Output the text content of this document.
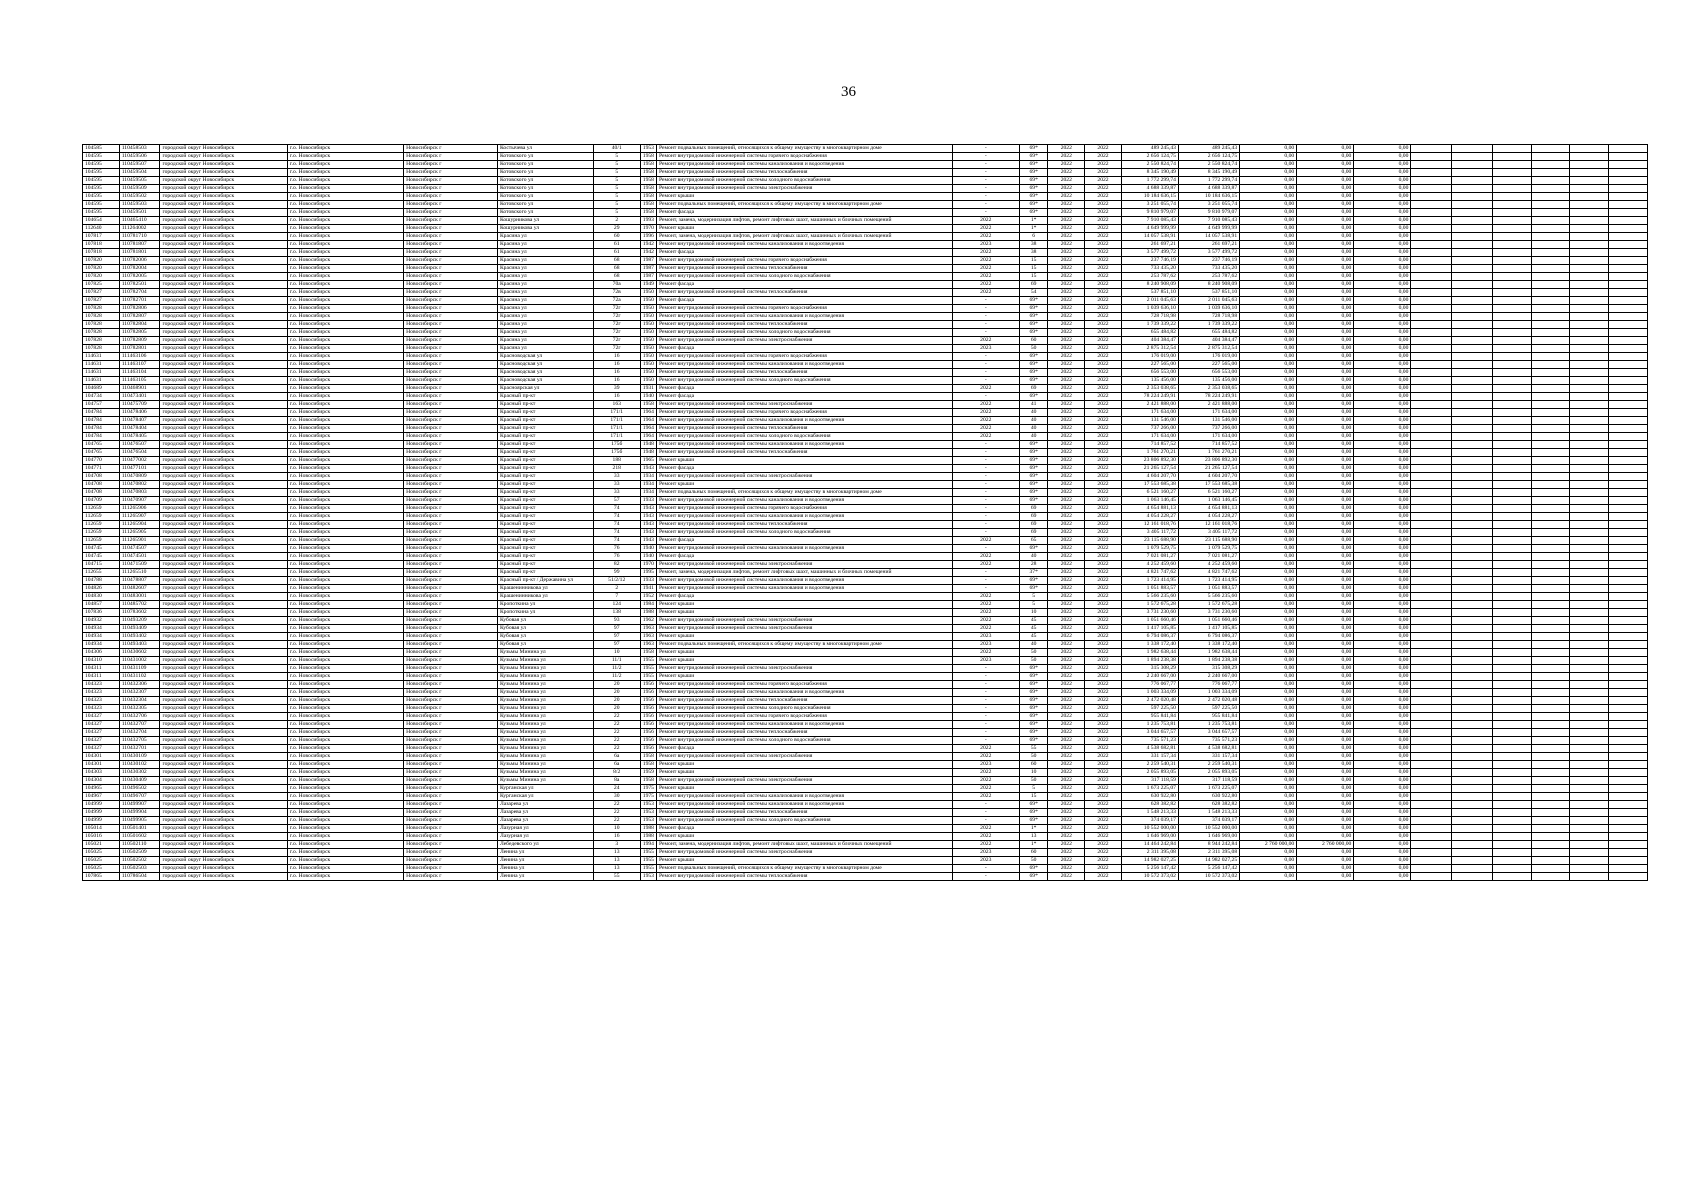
36
104585	110458503	городской округ Новосибирск	г.о. Новосибирск	Новосибирск г	Костычева ул	40/1	1953	Ремонт подвальных помещений, относящихся к общему имуществу в многоквартирном доме	-	69*	2022	2022	489 245,43	489 245,43	0,00	0,00	0,00						
104595	110459506	городской округ Новосибирск	г.о. Новосибирск	Новосибирск г	Котовского ул	5	1958	Ремонт внутридомовой инженерной системы горячего водоснабжения	-	69*	2022	2022	2 656 124,75	2 656 124,75	0,00	0,00	0,00						
104595	110459507	городской округ Новосибирск	г.о. Новосибирск	Новосибирск г	Котовского ул	5	1958	Ремонт внутридомовой инженерной системы канализования и водоотведения	-	69*	2022	2022	2 550 824,74	2 550 824,74	0,00	0,00	0,00						
104595	110459504	городской округ Новосибирск	г.о. Новосибирск	Новосибирск г	Котовского ул	5	1958	Ремонт внутридомовой инженерной системы теплоснабжения	-	69*	2022	2022	8 345 190,49	8 345 190,49	0,00	0,00	0,00						
104595	110459505	городской округ Новосибирск	г.о. Новосибирск	Новосибирск г	Котовского ул	5	1958	Ремонт внутридомовой инженерной системы холодного водоснабжения	-	69*	2022	2022	1 772 299,74	1 772 299,74	0,00	0,00	0,00						
104595	110459509	городской округ Новосибирск	г.о. Новосибирск	Новосибирск г	Котовского ул	5	1958	Ремонт внутридомовой инженерной системы электроснабжения	-	69*	2022	2022	4 688 339,87	4 688 339,87	0,00	0,00	0,00						
104595	110459502	городской округ Новосибирск	г.о. Новосибирск	Новосибирск г	Котовского ул	5	1958	Ремонт крыши	-	69*	2022	2022	10 184 636,15	10 184 636,15	0,00	0,00	0,00						
104595	110459503	городской округ Новосибирск	г.о. Новосибирск	Новосибирск г	Котовского ул	5	1958	Ремонт подвальных помещений, относящихся к общему имуществу в многоквартирном доме	-	69*	2022	2022	3 251 055,74	3 251 055,74	0,00	0,00	0,00						
104595	110459501	городской округ Новосибирск	г.о. Новосибирск	Новосибирск г	Котовского ул	5	1958	Ремонт фасада	-	69*	2022	2022	9 810 979,07	9 810 979,07	0,00	0,00	0,00						
104654	110465410	городской округ Новосибирск	г.о. Новосибирск	Новосибирск г	Кошурникова ул	2	1993	Ремонт, замена, модернизация лифтов, ремонт лифтовых шахт, машинных и блочных помещений	2022	1*	2022	2022	7 910 085,43	7 910 085,43	0,00	0,00	0,00						
112640	111264002	городской округ Новосибирск	г.о. Новосибирск	Новосибирск г	Кошурникова ул	29	1970	Ремонт крыши	2022	1*	2022	2022	4 649 999,99	4 649 999,99	0,00	0,00	0,00						
107817	110781710	городской округ Новосибирск	г.о. Новосибирск	Новосибирск г	Красина ул	60	1996	Ремонт, замена, модернизация лифтов, ремонт лифтовых шахт, машинных и блочных помещений	2022	6	2022	2022	14 057 538,91	14 057 538,91	0,00	0,00	0,00						
107818	110781807	городской округ Новосибирск	г.о. Новосибирск	Новосибирск г	Красина ул	61	1942	Ремонт внутридомовой инженерной системы канализования и водоотведения	2023	38	2022	2022	261 697,21	261 697,21	0,00	0,00	0,00						
107818	110781801	городской округ Новосибирск	г.о. Новосибирск	Новосибирск г	Красина ул	61	1942	Ремонт фасада	2022	38	2022	2022	3 577 499,72	3 577 499,72	0,00	0,00	0,00						
107820	110782006	городской округ Новосибирск	г.о. Новосибирск	Новосибирск г	Красина ул	68	1987	Ремонт внутридомовой инженерной системы горячего водоснабжения	2022	15	2022	2022	237 746,19	237 746,19	0,00	0,00	0,00						
107820	110782004	городской округ Новосибирск	г.о. Новосибирск	Новосибирск г	Красина ул	68	1987	Ремонт внутридомовой инженерной системы теплоснабжения	2022	15	2022	2022	733 435,20	733 435,20	0,00	0,00	0,00						
107820	110782005	городской округ Новосибирск	г.о. Новосибирск	Новосибирск г	Красина ул	68	1987	Ремонт внутридомовой инженерной системы холодного водоснабжения	2022	15	2022	2022	253 787,62	253 787,62	0,00	0,00	0,00						
107825	110782501	городской округ Новосибирск	г.о. Новосибирск	Новосибирск г	Красина ул	70а	1949	Ремонт фасада	2022	69	2022	2022	8 240 908,09	8 240 908,09	0,00	0,00	0,00						
107827	110782704	городской округ Новосибирск	г.о. Новосибирск	Новосибирск г	Красина ул	72в	1950	Ремонт внутридомовой инженерной системы теплоснабжения	2022	54	2022	2022	537 851,10	537 851,10	0,00	0,00	0,00						
107827	110782701	городской округ Новосибирск	г.о. Новосибирск	Новосибирск г	Красина ул	72а	1950	Ремонт фасада	-	69*	2022	2022	2 011 045,63	2 011 045,63	0,00	0,00	0,00						
107828	110782806	городской округ Новосибирск	г.о. Новосибирск	Новосибирск г	Красина ул	72г	1950	Ремонт внутридомовой инженерной системы горячего водоснабжения	-	69*	2022	2022	1 039 636,10	1 039 636,10	0,00	0,00	0,00						
107828	110782807	городской округ Новосибирск	г.о. Новосибирск	Новосибирск г	Красина ул	72г	1950	Ремонт внутридомовой инженерной системы канализования и водоотведения	-	69*	2022	2022	728 718,98	728 718,98	0,00	0,00	0,00						
107828	110782804	городской округ Новосибирск	г.о. Новосибирск	Новосибирск г	Красина ул	72г	1950	Ремонт внутридомовой инженерной системы теплоснабжения	-	69*	2022	2022	1 739 339,22	1 739 339,22	0,00	0,00	0,00						
107828	110782805	городской округ Новосибирск	г.о. Новосибирск	Новосибирск г	Красина ул	72г	1950	Ремонт внутридомовой инженерной системы холодного водоснабжения	-	69*	2022	2022	655 484,82	655 484,82	0,00	0,00	0,00						
107828	110782809	городской округ Новосибирск	г.о. Новосибирск	Новосибирск г	Красина ул	72г	1950	Ремонт внутридомовой инженерной системы электроснабжения	2022	60	2022	2022	404 384,47	404 384,47	0,00	0,00	0,00						
107828	110782801	городской округ Новосибирск	г.о. Новосибирск	Новосибирск г	Красина ул	72г	1950	Ремонт фасада	2023	50	2022	2022	2 875 312,54	2 875 312,54	0,00	0,00	0,00						
114631	111463106	городской округ Новосибирск	г.о. Новосибирск	Новосибирск г	Красноводская ул	16	1950	Ремонт внутридомовой инженерной системы горячего водоснабжения	-	69*	2022	2022	176 019,00	176 019,00	0,00	0,00	0,00						
114631	111463107	городской округ Новосибирск	г.о. Новосибирск	Новосибирск г	Красноводская ул	16	1950	Ремонт внутридомовой инженерной системы канализования и водоотведения	-	69*	2022	2022	227 565,00	227 565,00	0,00	0,00	0,00						
114631	111463104	городской округ Новосибирск	г.о. Новосибирск	Новосибирск г	Красноводская ул	16	1950	Ремонт внутридомовой инженерной системы теплоснабжения	-	69*	2022	2022	656 553,00	656 553,00	0,00	0,00	0,00						
114631	111463105	городской округ Новосибирск	г.о. Новосибирск	Новосибирск г	Красноводская ул	16	1950	Ремонт внутридомовой инженерной системы холодного водоснабжения	-	69*	2022	2022	135 456,00	135 456,00	0,00	0,00	0,00						
104689	110468901	городской округ Новосибирск	г.о. Новосибирск	Новосибирск г	Красноярская ул	39	1931	Ремонт фасада	2022	69	2022	2022	2 353 038,65	2 353 038,65	0,00	0,00	0,00						
104734	110473401	городской округ Новосибирск	г.о. Новосибирск	Новосибирск г	Красный пр-кт	16	1940	Ремонт фасада	-	69*	2022	2022	78 224 249,91	78 224 249,91	0,00	0,00	0,00						
104757	110475709	городской округ Новосибирск	г.о. Новосибирск	Новосибирск г	Красный пр-кт	163	1958	Ремонт внутридомовой инженерной системы электроснабжения	2022	41	2022	2022	2 421 888,00	2 421 888,00	0,00	0,00	0,00						
104784	110478406	городской округ Новосибирск	г.о. Новосибирск	Новосибирск г	Красный пр-кт	171/1	1964	Ремонт внутридомовой инженерной системы горячего водоснабжения	2022	40	2022	2022	171 634,00	171 634,00	0,00	0,00	0,00						
104784	110478407	городской округ Новосибирск	г.о. Новосибирск	Новосибирск г	Красный пр-кт	171/1	1964	Ремонт внутридомовой инженерной системы канализования и водоотведения	2022	40	2022	2022	131 546,00	131 546,00	0,00	0,00	0,00						
104784	110478404	городской округ Новосибирск	г.о. Новосибирск	Новосибирск г	Красный пр-кт	171/1	1964	Ремонт внутридомовой инженерной системы теплоснабжения	2022	40	2022	2022	737 266,00	737 266,00	0,00	0,00	0,00						
104784	110478405	городской округ Новосибирск	г.о. Новосибирск	Новосибирск г	Красный пр-кт	171/1	1964	Ремонт внутридомовой инженерной системы холодного водоснабжения	2022	40	2022	2022	171 634,00	171 634,00	0,00	0,00	0,00						
104765	110476507	городской округ Новосибирск	г.о. Новосибирск	Новосибирск г	Красный пр-кт	175б	1948	Ремонт внутридомовой инженерной системы канализования и водоотведения	-	69*	2022	2022	714 857,52	714 857,52	0,00	0,00	0,00						
104765	110476504	городской округ Новосибирск	г.о. Новосибирск	Новосибирск г	Красный пр-кт	175б	1948	Ремонт внутридомовой инженерной системы теплоснабжения	-	69*	2022	2022	1 761 270,21	1 761 270,21	0,00	0,00	0,00						
104770	110477002	городской округ Новосибирск	г.о. Новосибирск	Новосибирск г	Красный пр-кт	188	1965	Ремонт крыши	-	69*	2022	2022	23 806 892,30	23 806 892,30	0,00	0,00	0,00						
104771	110477101	городской округ Новосибирск	г.о. Новосибирск	Новосибирск г	Красный пр-кт	218	1943	Ремонт фасада	-	69*	2022	2022	21 265 127,54	21 265 127,54	0,00	0,00	0,00						
104708	110470809	городской округ Новосибирск	г.о. Новосибирск	Новосибирск г	Красный пр-кт	33	1934	Ремонт внутридомовой инженерной системы электроснабжения	-	69*	2022	2022	4 604 207,70	4 604 207,70	0,00	0,00	0,00						
104708	110470802	городской округ Новосибирск	г.о. Новосибирск	Новосибирск г	Красный пр-кт	33	1934	Ремонт крыши	-	69*	2022	2022	17 553 685,38	17 553 685,38	0,00	0,00	0,00						
104708	110470803	городской округ Новосибирск	г.о. Новосибирск	Новосибирск г	Красный пр-кт	33	1934	Ремонт подвальных помещений, относящихся к общему имуществу в многоквартирном доме	-	69*	2022	2022	6 521 160,27	6 521 160,27	0,00	0,00	0,00						
104709	110470907	городской округ Новосибирск	г.о. Новосибирск	Новосибирск г	Красный пр-кт	57	1933	Ремонт внутридомовой инженерной системы канализования и водоотведения	-	69*	2022	2022	1 063 146,45	1 063 146,45	0,00	0,00	0,00						
112659	111265906	городской округ Новосибирск	г.о. Новосибирск	Новосибирск г	Красный пр-кт	74	1943	Ремонт внутридомовой инженерной системы горячего водоснабжения	-	69	2022	2022	4 654 881,13	4 654 881,13	0,00	0,00	0,00						
112659	111265907	городской округ Новосибирск	г.о. Новосибирск	Новосибирск г	Красный пр-кт	74	1943	Ремонт внутридомовой инженерной системы канализования и водоотведения	-	69	2022	2022	4 054 228,27	4 054 228,27	0,00	0,00	0,00						
112659	111265904	городской округ Новосибирск	г.о. Новосибирск	Новосибирск г	Красный пр-кт	74	1943	Ремонт внутридомовой инженерной системы теплоснабжения	-	69	2022	2022	12 161 018,76	12 161 018,76	0,00	0,00	0,00						
112659	111265905	городской округ Новосибирск	г.о. Новосибирск	Новосибирск г	Красный пр-кт	74	1943	Ремонт внутридомовой инженерной системы холодного водоснабжения	-	69	2022	2022	3 405 117,72	3 405 117,72	0,00	0,00	0,00						
112659	111265901	городской округ Новосибирск	г.о. Новосибирск	Новосибирск г	Красный пр-кт	74	1943	Ремонт фасада	2022	65	2022	2022	23 115 688,90	23 115 688,90	0,00	0,00	0,00						
104745	110474507	городской округ Новосибирск	г.о. Новосибирск	Новосибирск г	Красный пр-кт	76	1940	Ремонт внутридомовой инженерной системы канализования и водоотведения	-	69*	2022	2022	1 079 529,75	1 079 529,75	0,00	0,00	0,00						
104745	110474501	городской округ Новосибирск	г.о. Новосибирск	Новосибирск г	Красный пр-кт	76	1940	Ремонт фасада	2022	40	2022	2022	7 021 081,27	7 021 081,27	0,00	0,00	0,00						
104715	110471509	городской округ Новосибирск	г.о. Новосибирск	Новосибирск г	Красный пр-кт	82	1970	Ремонт внутридомовой инженерной системы электроснабжения	2022	28	2022	2022	4 252 459,60	4 252 459,60	0,00	0,00	0,00						
112655	111265510	городской округ Новосибирск	г.о. Новосибирск	Новосибирск г	Красный пр-кт	99	1995	Ремонт, замена, модернизация лифтов, ремонт лифтовых шахт, машинных и блочных помещений	-	37*	2022	2022	4 821 747,62	4 821 747,62	0,00	0,00	0,00						
104788	110478807	городской округ Новосибирск	г.о. Новосибирск	Новосибирск г	Красный пр-кт / Державина ул	51/2/12	1933	Ремонт внутридомовой инженерной системы канализования и водоотведения	-	69*	2022	2022	1 723 414,95	1 723 414,95	0,00	0,00	0,00						
104826	110482607	городской округ Новосибирск	г.о. Новосибирск	Новосибирск г	Крашенинникова ул	2	1941	Ремонт внутридомовой инженерной системы канализования и водоотведения	-	69*	2022	2022	1 051 883,57	1 051 883,57	0,00	0,00	0,00						
104830	110483001	городской округ Новосибирск	г.о. Новосибирск	Новосибирск г	Крашенинникова ул	7	1952	Ремонт фасада	2022	5	2022	2022	5 566 235,60	5 566 235,60	0,00	0,00	0,00						
104857	110485702	городской округ Новосибирск	г.о. Новосибирск	Новосибирск г	Кропоткина ул	124	1984	Ремонт крыши	2022	5	2022	2022	1 572 675,28	1 572 675,28	0,00	0,00	0,00						
107836	110783602	городской округ Новосибирск	г.о. Новосибирск	Новосибирск г	Кропоткина ул	138	1988	Ремонт крыши	2022	10	2022	2022	3 731 230,60	3 731 230,60	0,00	0,00	0,00						
104932	110493209	городской округ Новосибирск	г.о. Новосибирск	Новосибирск г	Кубовая ул	93	1962	Ремонт внутридомовой инженерной системы электроснабжения	2022	45	2022	2022	1 051 660,46	1 051 660,46	0,00	0,00	0,00						
104934	110493409	городской округ Новосибирск	г.о. Новосибирск	Новосибирск г	Кубовая ул	97	1963	Ремонт внутридомовой инженерной системы электроснабжения	2022	45	2022	2022	1 417 105,85	1 417 105,85	0,00	0,00	0,00						
104934	110493402	городской округ Новосибирск	г.о. Новосибирск	Новосибирск г	Кубовая ул	97	1963	Ремонт крыши	2023	45	2022	2022	6 794 086,37	6 794 086,37	0,00	0,00	0,00						
104934	110493403	городской округ Новосибирск	г.о. Новосибирск	Новосибирск г	Кубовая ул	97	1963	Ремонт подвальных помещений, относящихся к общему имуществу в многоквартирном доме	2023	40	2022	2022	1 338 172,40	1 338 172,40	0,00	0,00	0,00						
104306	110430602	городской округ Новосибирск	г.о. Новосибирск	Новосибирск г	Кузьмы Минина ул	10	1958	Ремонт крыши	2022	50	2022	2022	1 982 638,44	1 982 638,44	0,00	0,00	0,00						
104310	110431002	городской округ Новосибирск	г.о. Новосибирск	Новосибирск г	Кузьмы Минина ул	11/1	1955	Ремонт крыши	2023	50	2022	2022	1 894 238,38	1 894 238,38	0,00	0,00	0,00						
104311	110431109	городской округ Новосибирск	г.о. Новосибирск	Новосибирск г	Кузьмы Минина ул	11/2	1955	Ремонт внутридомовой инженерной системы электроснабжения	-	69*	2022	2022	315 308,29	315 308,29	0,00	0,00	0,00						
104311	110431102	городской округ Новосибирск	г.о. Новосибирск	Новосибирск г	Кузьмы Минина ул	11/2	1955	Ремонт крыши	-	69*	2022	2022	2 240 667,00	2 240 667,00	0,00	0,00	0,00						
104323	110432306	городской округ Новосибирск	г.о. Новосибирск	Новосибирск г	Кузьмы Минина ул	20	1956	Ремонт внутридомовой инженерной системы горячего водоснабжения	-	69*	2022	2022	776 067,77	776 067,77	0,00	0,00	0,00						
104323	110432307	городской округ Новосибирск	г.о. Новосибирск	Новосибирск г	Кузьмы Минина ул	20	1956	Ремонт внутридомовой инженерной системы канализования и водоотведения	-	69*	2022	2022	1 003 334,09	1 003 334,09	0,00	0,00	0,00						
104323	110432304	городской округ Новосибирск	г.о. Новосибирск	Новосибирск г	Кузьмы Минина ул	20	1956	Ремонт внутридомовой инженерной системы теплоснабжения	-	69*	2022	2022	2 472 020,48	2 472 020,48	0,00	0,00	0,00						
104323	110432305	городской округ Новосибирск	г.о. Новосибирск	Новосибирск г	Кузьмы Минина ул	20	1956	Ремонт внутридомовой инженерной системы холодного водоснабжения	-	69*	2022	2022	597 225,50	597 225,50	0,00	0,00	0,00						
104327	110432706	городской округ Новосибирск	г.о. Новосибирск	Новосибирск г	Кузьмы Минина ул	22	1956	Ремонт внутридомовой инженерной системы горячего водоснабжения	-	69*	2022	2022	955 841,84	955 841,84	0,00	0,00	0,00						
104327	110432707	городской округ Новосибирск	г.о. Новосибирск	Новосибирск г	Кузьмы Минина ул	22	1956	Ремонт внутридомовой инженерной системы канализования и водоотведения	-	69*	2022	2022	1 235 753,81	1 235 753,81	0,00	0,00	0,00						
104327	110432704	городской округ Новосибирск	г.о. Новосибирск	Новосибирск г	Кузьмы Минина ул	22	1956	Ремонт внутридомовой инженерной системы теплоснабжения	-	69*	2022	2022	3 044 657,57	3 044 657,57	0,00	0,00	0,00						
104327	110432705	городской округ Новосибирск	г.о. Новосибирск	Новосибирск г	Кузьмы Минина ул	22	1956	Ремонт внутридомовой инженерной системы холодного водоснабжения	-	69*	2022	2022	735 571,23	735 571,23	0,00	0,00	0,00						
104327	110432701	городской округ Новосибирск	г.о. Новосибирск	Новосибирск г	Кузьмы Минина ул	22	1956	Ремонт фасада	2022	55	2022	2022	4 538 682,81	4 538 682,81	0,00	0,00	0,00						
104301	110430109	городской округ Новосибирск	г.о. Новосибирск	Новосибирск г	Кузьмы Минина ул	6а	1958	Ремонт внутридомовой инженерной системы электроснабжения	2022	50	2022	2022	331 157,34	331 157,34	0,00	0,00	0,00						
104301	110430102	городской округ Новосибирск	г.о. Новосибирск	Новосибирск г	Кузьмы Минина ул	6а	1958	Ремонт крыши	2023	60	2022	2022	2 259 540,31	2 259 540,31	0,00	0,00	0,00						
104303	110430302	городской округ Новосибирск	г.о. Новосибирск	Новосибирск г	Кузьмы Минина ул	8/2	1959	Ремонт крыши	2022	10	2022	2022	2 055 893,05	2 055 893,05	0,00	0,00	0,00						
104304	110430409	городской округ Новосибирск	г.о. Новосибирск	Новосибирск г	Кузьмы Минина ул	8а	1958	Ремонт внутридомовой инженерной системы электроснабжения	2022	50	2022	2022	317 118,59	317 118,59	0,00	0,00	0,00						
104965	110496502	городской округ Новосибирск	г.о. Новосибирск	Новосибирск г	Курганская ул	24	1975	Ремонт крыши	2022	5	2022	2022	1 673 225,07	1 673 225,07	0,00	0,00	0,00						
104967	110496707	городской округ Новосибирск	г.о. Новосибирск	Новосибирск г	Курганская ул	30	1975	Ремонт внутридомовой инженерной системы канализования и водоотведения	2022	15	2022	2022	630 922,80	630 922,80	0,00	0,00	0,00						
104999	110499907	городской округ Новосибирск	г.о. Новосибирск	Новосибирск г	Лазарева ул	22	1953	Ремонт внутридомовой инженерной системы канализования и водоотведения	-	69*	2022	2022	628 382,82	628 382,82	0,00	0,00	0,00						
104999	110499904	городской округ Новосибирск	г.о. Новосибирск	Новосибирск г	Лазарева ул	22	1953	Ремонт внутридомовой инженерной системы теплоснабжения	-	69*	2022	2022	1 548 213,33	1 548 213,33	0,00	0,00	0,00						
104999	110499905	городской округ Новосибирск	г.о. Новосибирск	Новосибирск г	Лазарева ул	22	1953	Ремонт внутридомовой инженерной системы холодного водоснабжения	-	69*	2022	2022	374 039,17	374 039,17	0,00	0,00	0,00						
105014	110501401	городской округ Новосибирск	г.о. Новосибирск	Новосибирск г	Лазурная ул	10	1988	Ремонт фасада	2022	1*	2022	2022	10 552 000,00	10 552 000,00	0,00	0,00	0,00						
105016	110501602	городской округ Новосибирск	г.о. Новосибирск	Новосибирск г	Лазурная ул	16	1988	Ремонт крыши	2022	13	2022	2022	1 646 969,00	1 646 969,00	0,00	0,00	0,00						
105021	110502110	городской округ Новосибирск	г.о. Новосибирск	Новосибирск г	Лебедевского ул	3	1994	Ремонт, замена, модернизация лифтов, ремонт лифтовых шахт, машинных и блочных помещений	2022	1*	2022	2022	14 464 242,84	8 944 242,84	2 760 000,00	2 760 000,00	0,00						
105025	110502509	городской округ Новосибирск	г.о. Новосибирск	Новосибирск г	Ленина ул	13	1955	Ремонт внутридомовой инженерной системы электроснабжения	2023	60	2022	2022	2 311 395,08	2 311 395,08	0,00	0,00	0,00						
105025	110502502	городской округ Новосибирск	г.о. Новосибирск	Новосибирск г	Ленина ул	13	1955	Ремонт крыши	2023	50	2022	2022	14 982 027,25	14 982 027,25	0,00	0,00	0,00						
105025	110502503	городской округ Новосибирск	г.о. Новосибирск	Новосибирск г	Ленина ул	13	1955	Ремонт подвальных помещений, относящихся к общему имуществу в многоквартирном доме	-	69*	2022	2022	5 256 147,42	5 256 147,42	0,00	0,00	0,00						
107865	110786504	городской округ Новосибирск	г.о. Новосибирск	Новосибирск г	Ленина ул	55	1953	Ремонт внутридомовой инженерной системы теплоснабжения	-	69*	2022	2022	10 572 373,02	10 572 373,02	0,00	0,00	0,00						
